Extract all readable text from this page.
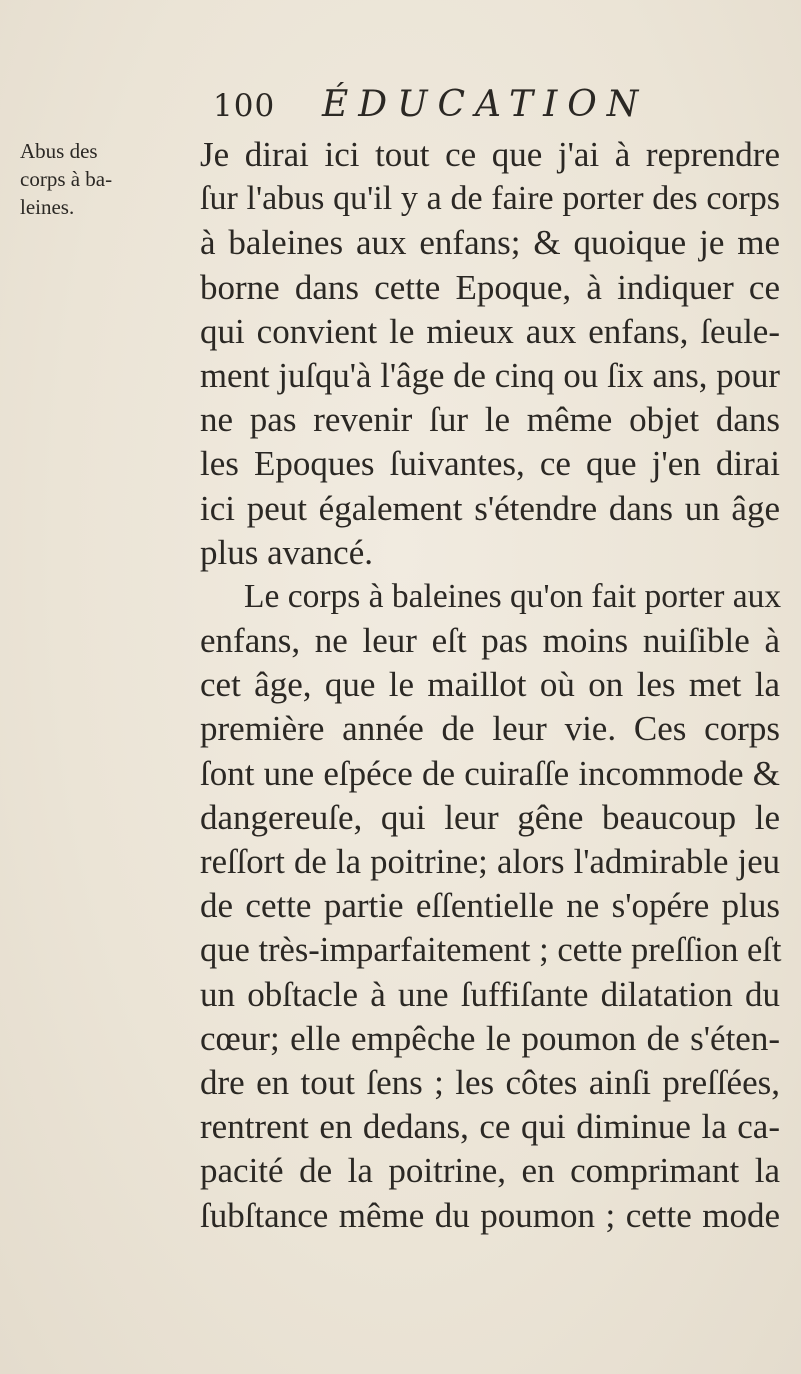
100 ÉDUCATION
Abus des
corps à ba-
leines.
Je dirai ici tout ce que j'ai à reprendre
ſur l'abus qu'il y a de faire porter des corps
à baleines aux enfans; & quoique je me
borne dans cette Epoque, à indiquer ce
qui convient le mieux aux enfans, ſeule-
ment juſqu'à l'âge de cinq ou ſix ans, pour
ne pas revenir ſur le même objet dans
les Epoques ſuivantes, ce que j'en dirai
ici peut également s'étendre dans un âge
plus avancé.
Le corps à baleines qu'on fait porter aux
enfans, ne leur eſt pas moins nuiſible à
cet âge, que le maillot où on les met la
première année de leur vie. Ces corps
ſont une eſpéce de cuiraſſe incommode &
dangereuſe, qui leur gêne beaucoup le
reſſort de la poitrine; alors l'admirable jeu
de cette partie eſſentielle ne s'opére plus
que très-imparfaitement ; cette preſſion eſt
un obſtacle à une ſuffiſante dilatation du
cœur; elle empêche le poumon de s'éten-
dre en tout ſens ; les côtes ainſi preſſées,
rentrent en dedans, ce qui diminue la ca-
pacité de la poitrine, en comprimant la
ſubſtance même du poumon ; cette mode
